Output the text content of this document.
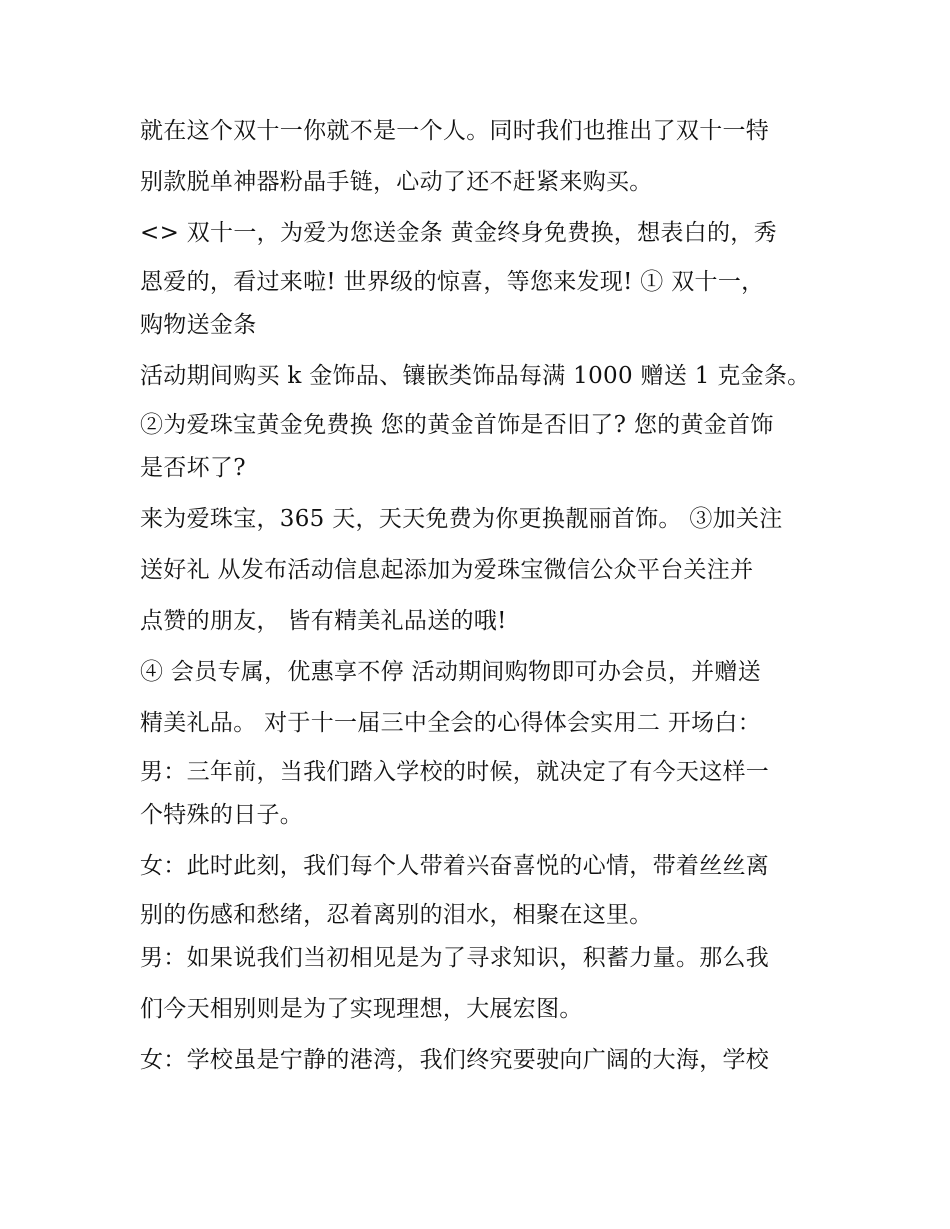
就在这个双十一你就不是一个人。同时我们也推出了双十一特
别款脱单神器粉晶手链，心动了还不赶紧来购买。
<> 双十一，为爱为您送金条 黄金终身免费换，想表白的，秀
恩爱的，看过来啦! 世界级的惊喜，等您来发现! ① 双十一，
购物送金条
活动期间购买 k 金饰品、镶嵌类饰品每满 1000 赠送 1 克金条。
②为爱珠宝黄金免费换 您的黄金首饰是否旧了? 您的黄金首饰
是否坏了?
来为爱珠宝，365 天，天天免费为你更换靓丽首饰。 ③加关注
送好礼 从发布活动信息起添加为爱珠宝微信公众平台关注并
点赞的朋友， 皆有精美礼品送的哦!
④ 会员专属，优惠享不停 活动期间购物即可办会员，并赠送
精美礼品。 对于十一届三中全会的心得体会实用二 开场白：
男：三年前，当我们踏入学校的时候，就决定了有今天这样一
个特殊的日子。
女：此时此刻，我们每个人带着兴奋喜悦的心情，带着丝丝离
别的伤感和愁绪，忍着离别的泪水，相聚在这里。
男：如果说我们当初相见是为了寻求知识，积蓄力量。那么我
们今天相别则是为了实现理想，大展宏图。
女：学校虽是宁静的港湾，我们终究要驶向广阔的大海，学校
